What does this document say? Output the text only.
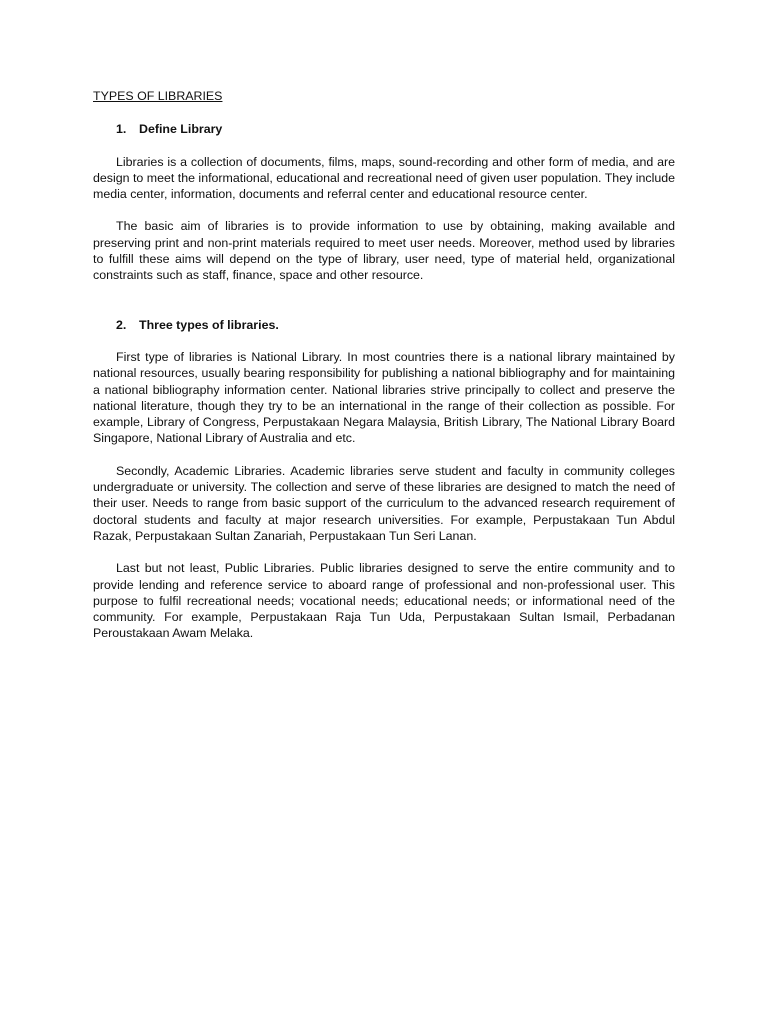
TYPES OF LIBRARIES

1.	Define Library

Libraries is a collection of documents, films, maps, sound-recording and other form of media, and are design to meet the informational, educational and recreational need of given user population. They include media center, information, documents and referral center and educational resource center.

The basic aim of libraries is to provide information to use by obtaining, making available and preserving print and non-print materials required to meet user needs. Moreover, method used by libraries to fulfill these aims will depend on the type of library, user need, type of material held, organizational constraints such as staff, finance, space and other resource.

2.	Three types of libraries.

First type of libraries is National Library. In most countries there is a national library maintained by national resources, usually bearing responsibility for publishing a national bibliography and for maintaining a national bibliography information center. National libraries strive principally to collect and preserve the national literature, though they try to be an international in the range of their collection as possible. For example, Library of Congress, Perpustakaan Negara Malaysia, British Library, The National Library Board Singapore, National Library of Australia and etc.

Secondly, Academic Libraries. Academic libraries serve student and faculty in community colleges undergraduate or university. The collection and serve of these libraries are designed to match the need of their user. Needs to range from basic support of the curriculum to the advanced research requirement of doctoral students and faculty at major research universities. For example, Perpustakaan Tun Abdul Razak, Perpustakaan Sultan Zanariah, Perpustakaan Tun Seri Lanan.

Last but not least, Public Libraries. Public libraries designed to serve the entire community and to provide lending and reference service to aboard range of professional and non-professional user. This purpose to fulfil recreational needs; vocational needs; educational needs; or informational need of the community. For example, Perpustakaan Raja Tun Uda, Perpustakaan Sultan Ismail, Perbadanan Peroustakaan Awam Melaka.
